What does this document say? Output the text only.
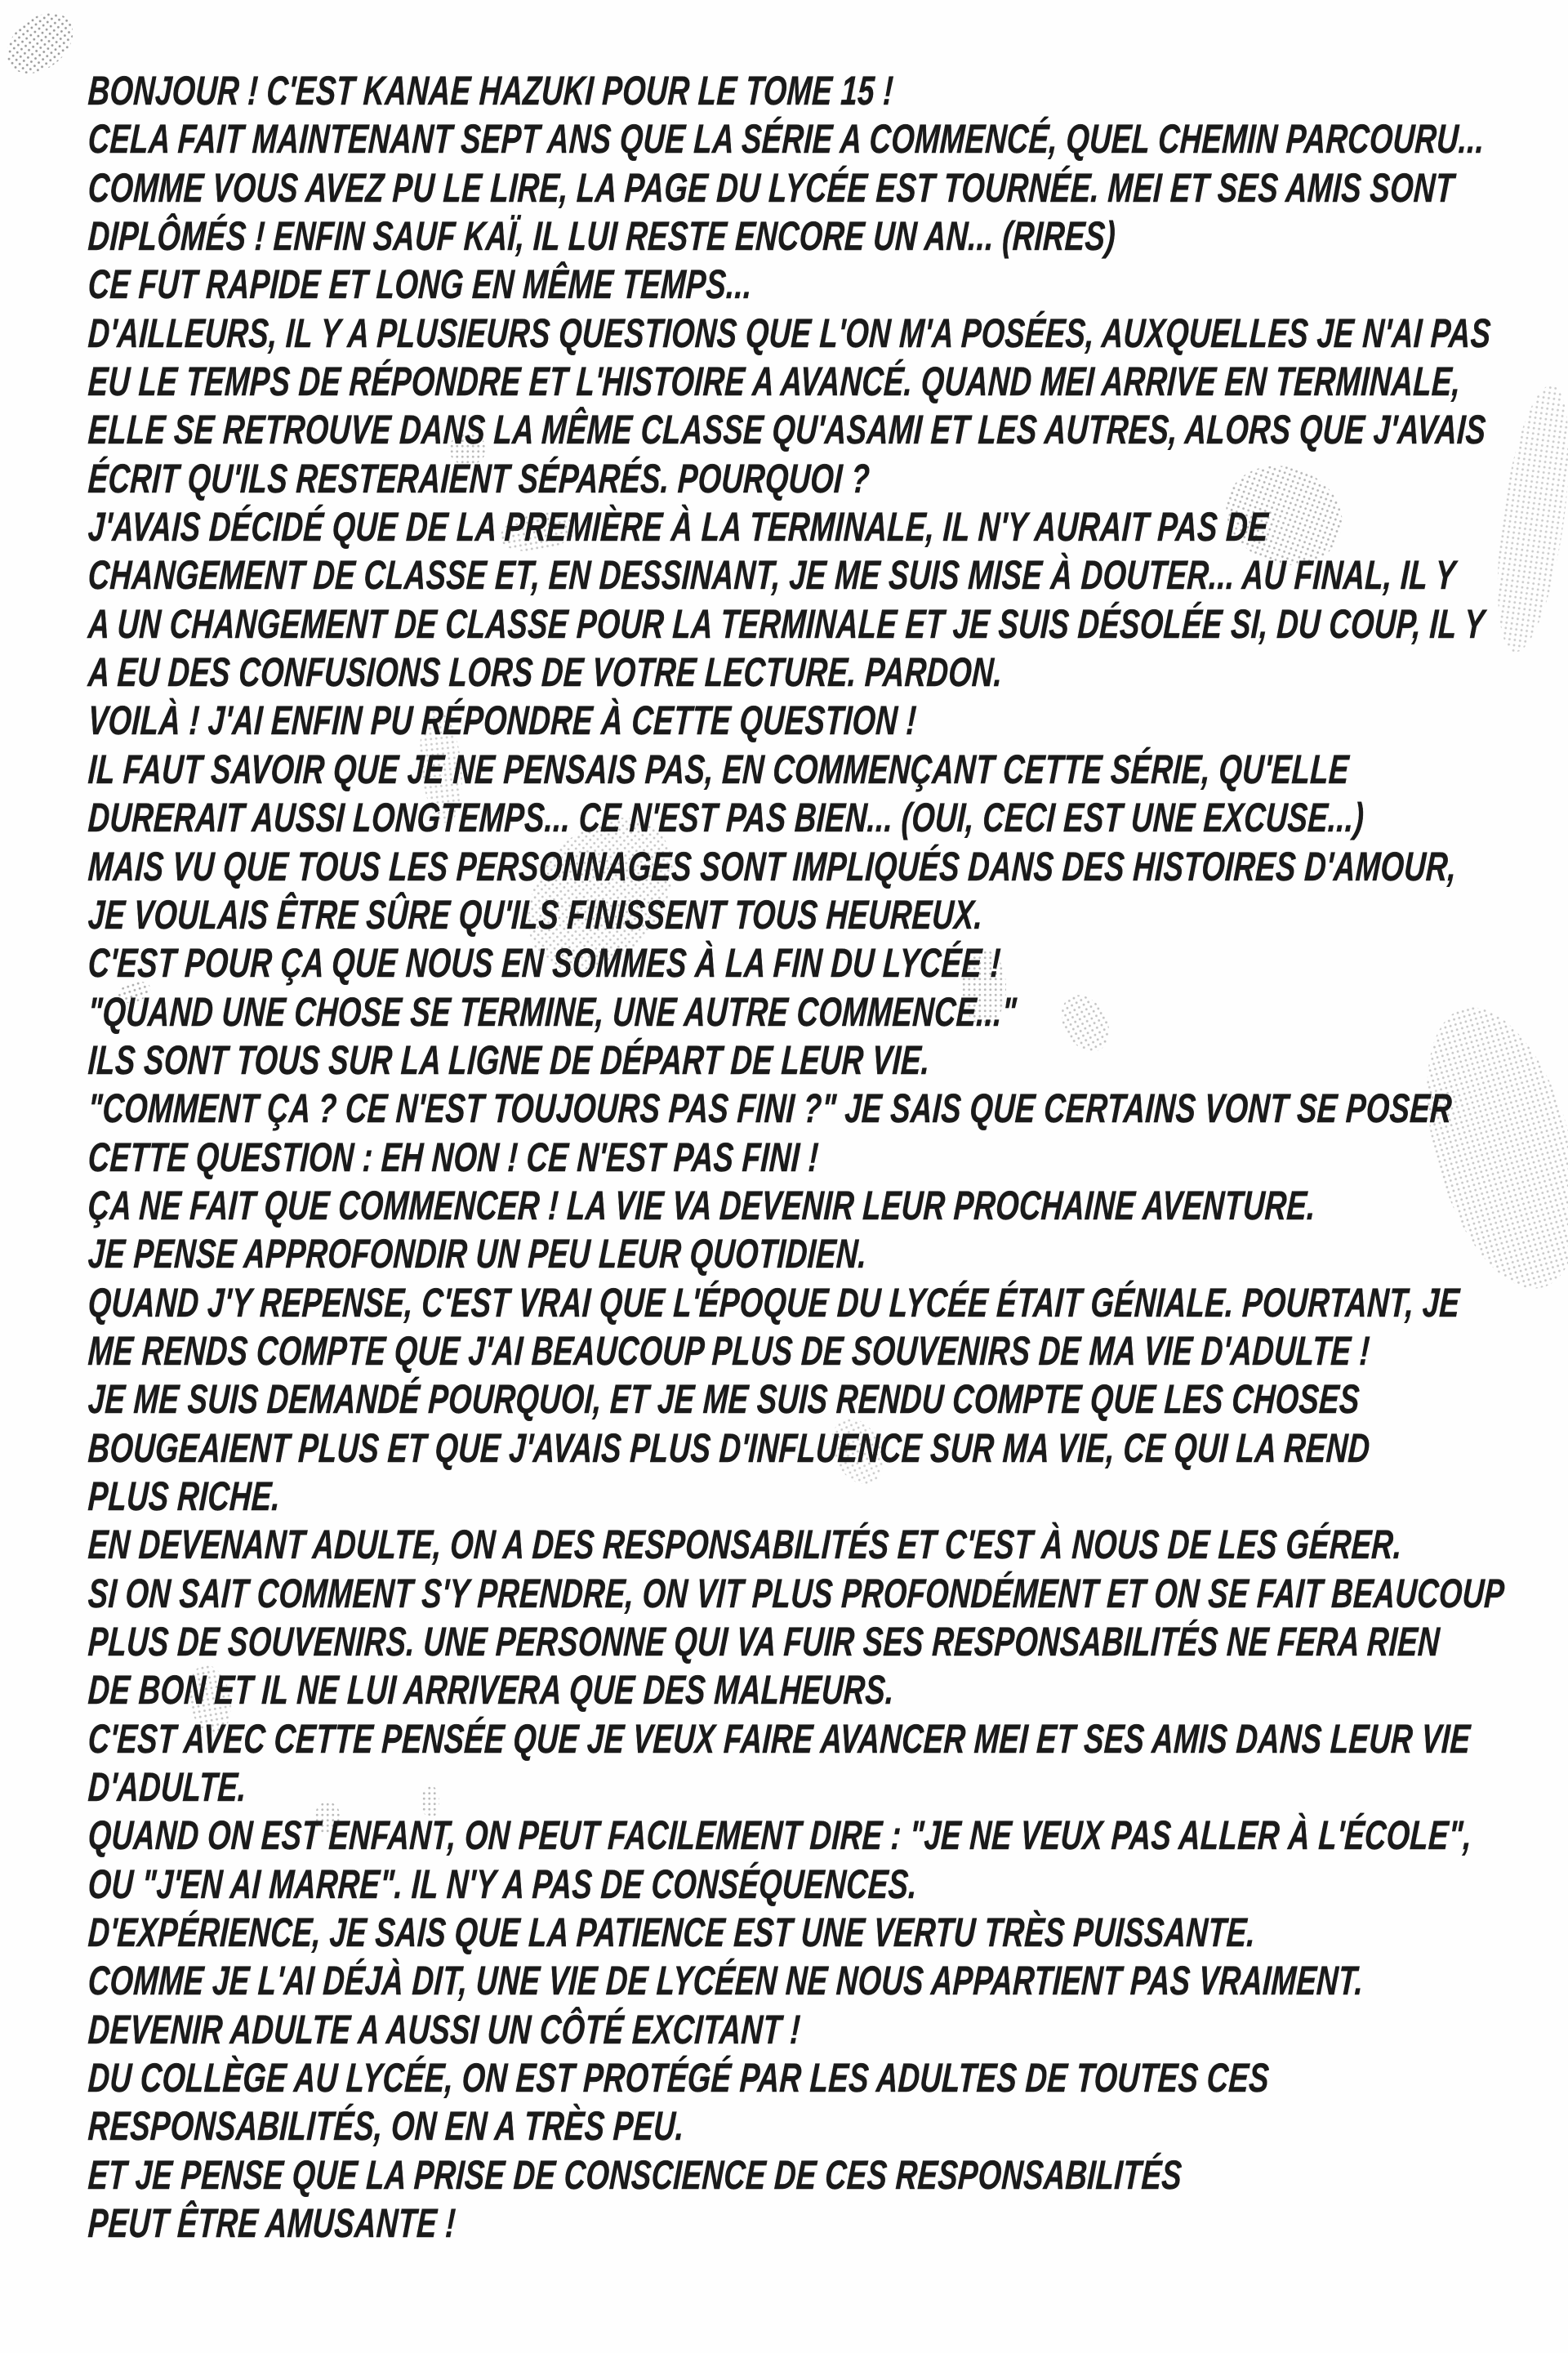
BONJOUR ! C'EST KANAE HAZUKI POUR LE TOME 15 !
CELA FAIT MAINTENANT SEPT ANS QUE LA SÉRIE A COMMENCÉ, QUEL CHEMIN PARCOURU...
COMME VOUS AVEZ PU LE LIRE, LA PAGE DU LYCÉE EST TOURNÉE. MEI ET SES AMIS SONT
DIPLÔMÉS ! ENFIN SAUF KAÏ, IL LUI RESTE ENCORE UN AN... (RIRES)
CE FUT RAPIDE ET LONG EN MÊME TEMPS...
D'AILLEURS, IL Y A PLUSIEURS QUESTIONS QUE L'ON M'A POSÉES, AUXQUELLES JE N'AI PAS
EU LE TEMPS DE RÉPONDRE ET L'HISTOIRE A AVANCÉ. QUAND MEI ARRIVE EN TERMINALE,
ELLE SE RETROUVE DANS LA MÊME CLASSE QU'ASAMI ET LES AUTRES, ALORS QUE J'AVAIS
ÉCRIT QU'ILS RESTERAIENT SÉPARÉS. POURQUOI ?
J'AVAIS DÉCIDÉ QUE DE LA PREMIÈRE À LA TERMINALE, IL N'Y AURAIT PAS DE
CHANGEMENT DE CLASSE ET, EN DESSINANT, JE ME SUIS MISE À DOUTER... AU FINAL, IL Y
A UN CHANGEMENT DE CLASSE POUR LA TERMINALE ET JE SUIS DÉSOLÉE SI, DU COUP, IL Y
A EU DES CONFUSIONS LORS DE VOTRE LECTURE. PARDON.
VOILÀ ! J'AI ENFIN PU RÉPONDRE À CETTE QUESTION !
IL FAUT SAVOIR QUE JE NE PENSAIS PAS, EN COMMENÇANT CETTE SÉRIE, QU'ELLE
DURERAIT AUSSI LONGTEMPS... CE N'EST PAS BIEN... (OUI, CECI EST UNE EXCUSE...)
MAIS VU QUE TOUS LES PERSONNAGES SONT IMPLIQUÉS DANS DES HISTOIRES D'AMOUR,
JE VOULAIS ÊTRE SÛRE QU'ILS FINISSENT TOUS HEUREUX.
C'EST POUR ÇA QUE NOUS EN SOMMES À LA FIN DU LYCÉE !
"QUAND UNE CHOSE SE TERMINE, UNE AUTRE COMMENCE..."
ILS SONT TOUS SUR LA LIGNE DE DÉPART DE LEUR VIE.
"COMMENT ÇA ? CE N'EST TOUJOURS PAS FINI ?" JE SAIS QUE CERTAINS VONT SE POSER
CETTE QUESTION : EH NON ! CE N'EST PAS FINI !
ÇA NE FAIT QUE COMMENCER ! LA VIE VA DEVENIR LEUR PROCHAINE AVENTURE.
JE PENSE APPROFONDIR UN PEU LEUR QUOTIDIEN.
QUAND J'Y REPENSE, C'EST VRAI QUE L'ÉPOQUE DU LYCÉE ÉTAIT GÉNIALE. POURTANT, JE
ME RENDS COMPTE QUE J'AI BEAUCOUP PLUS DE SOUVENIRS DE MA VIE D'ADULTE !
JE ME SUIS DEMANDÉ POURQUOI, ET JE ME SUIS RENDU COMPTE QUE LES CHOSES
BOUGEAIENT PLUS ET QUE J'AVAIS PLUS D'INFLUENCE SUR MA VIE, CE QUI LA REND
PLUS RICHE.
EN DEVENANT ADULTE, ON A DES RESPONSABILITÉS ET C'EST À NOUS DE LES GÉRER.
SI ON SAIT COMMENT S'Y PRENDRE, ON VIT PLUS PROFONDÉMENT ET ON SE FAIT BEAUCOUP
PLUS DE SOUVENIRS. UNE PERSONNE QUI VA FUIR SES RESPONSABILITÉS NE FERA RIEN
DE BON ET IL NE LUI ARRIVERA QUE DES MALHEURS.
C'EST AVEC CETTE PENSÉE QUE JE VEUX FAIRE AVANCER MEI ET SES AMIS DANS LEUR VIE
D'ADULTE.
QUAND ON EST ENFANT, ON PEUT FACILEMENT DIRE : "JE NE VEUX PAS ALLER À L'ÉCOLE",
OU "J'EN AI MARRE". IL N'Y A PAS DE CONSÉQUENCES.
D'EXPÉRIENCE, JE SAIS QUE LA PATIENCE EST UNE VERTU TRÈS PUISSANTE.
COMME JE L'AI DÉJÀ DIT, UNE VIE DE LYCÉEN NE NOUS APPARTIENT PAS VRAIMENT.
DEVENIR ADULTE A AUSSI UN CÔTÉ EXCITANT !
DU COLLÈGE AU LYCÉE, ON EST PROTÉGÉ PAR LES ADULTES DE TOUTES CES
RESPONSABILITÉS, ON EN A TRÈS PEU.
ET JE PENSE QUE LA PRISE DE CONSCIENCE DE CES RESPONSABILITÉS
PEUT ÊTRE AMUSANTE !
